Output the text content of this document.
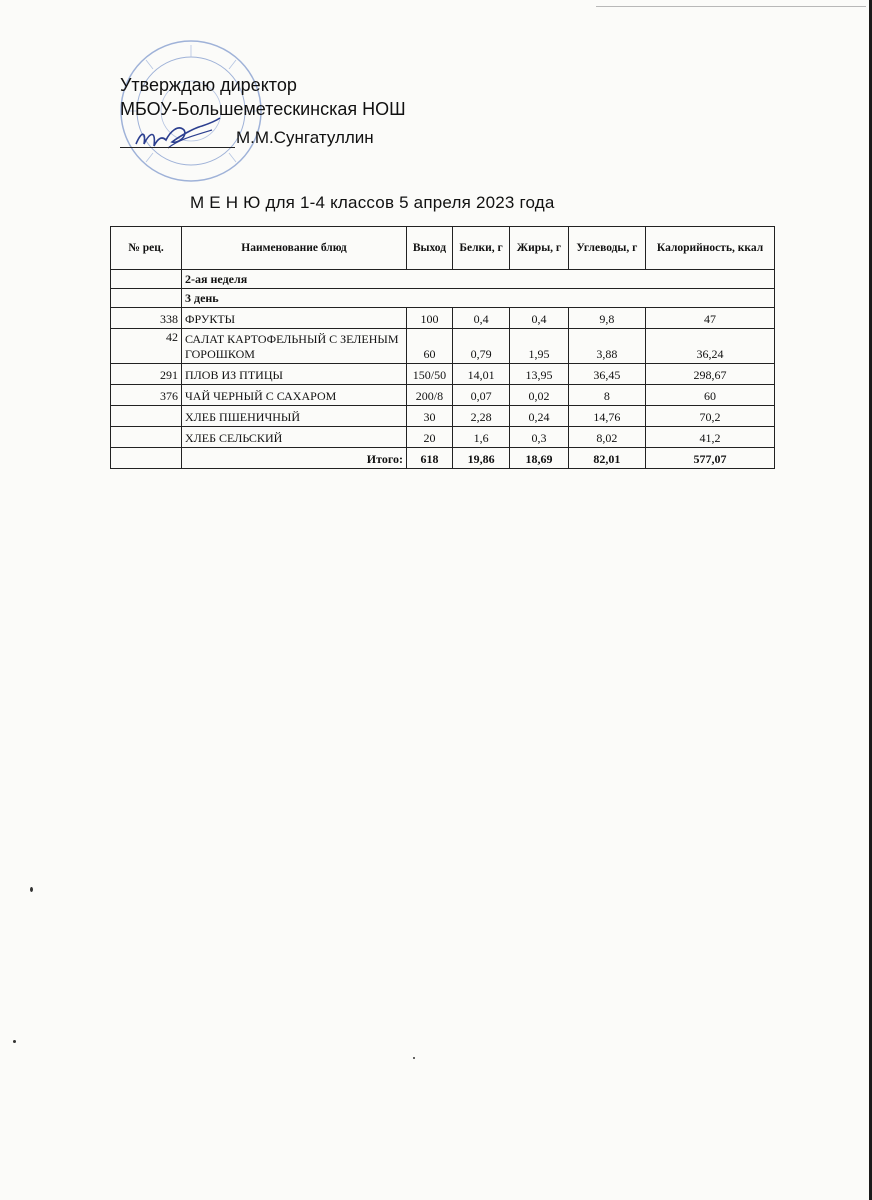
Утверждаю директор

МБОУ-Большеметескинская НОШ

М.М.Сунгатуллин
М Е Н Ю для 1-4 классов 5 апреля 2023 года
№ рец.	Наименование блюд	Выход	Белки, г	Жиры, г	Углеводы, г	Калорийность, ккал
	2-ая неделя					
	3 день					
338	ФРУКТЫ	100	0,4	0,4	9,8	47
42	САЛАТ КАРТОФЕЛЬНЫЙ С ЗЕЛЕНЫМ ГОРОШКОМ	60	0,79	1,95	3,88	36,24
291	ПЛОВ ИЗ ПТИЦЫ	150/50	14,01	13,95	36,45	298,67
376	ЧАЙ ЧЕРНЫЙ С САХАРОМ	200/8	0,07	0,02	8	60
	ХЛЕБ ПШЕНИЧНЫЙ	30	2,28	0,24	14,76	70,2
	ХЛЕБ СЕЛЬСКИЙ	20	1,6	0,3	8,02	41,2
	Итого:	618	19,86	18,69	82,01	577,07
